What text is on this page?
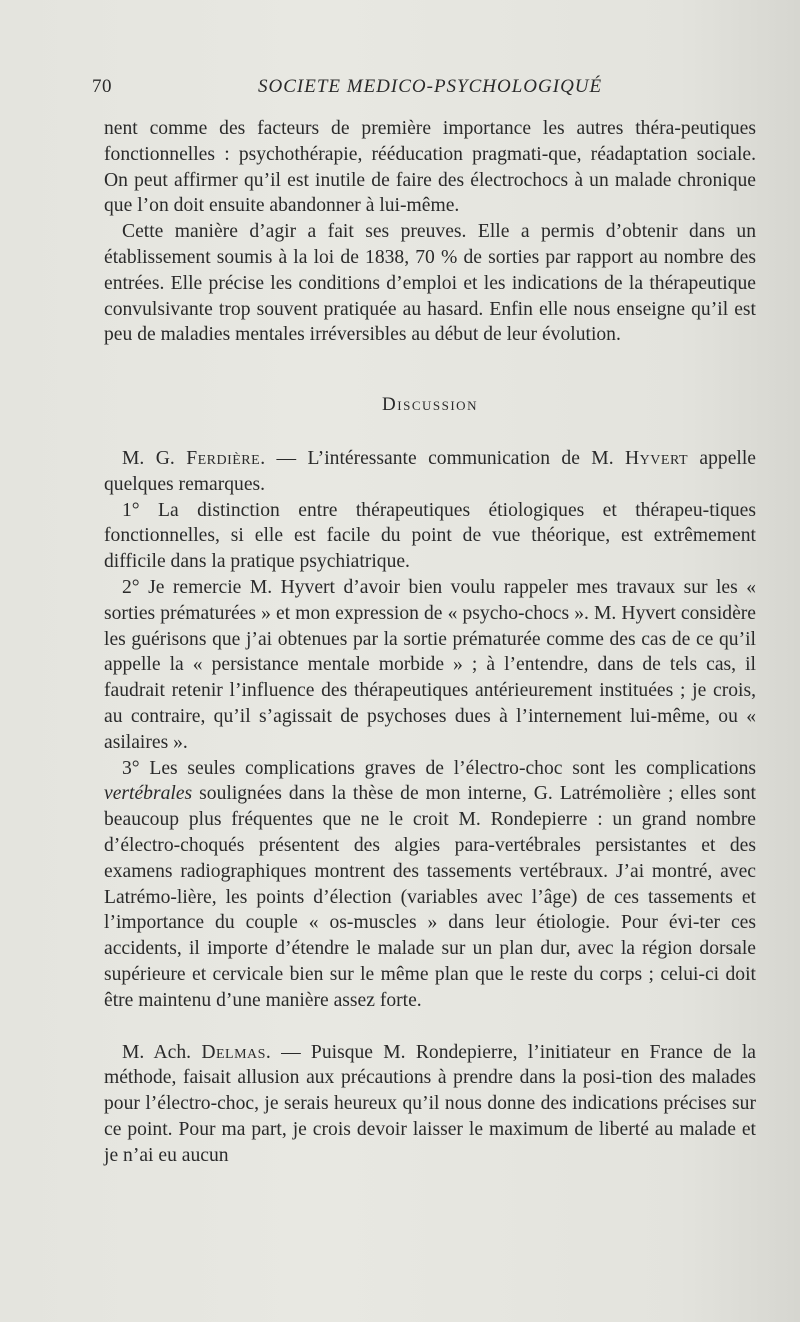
70	SOCIETE MEDICO-PSYCHOLOGIQUÉ

nent comme des facteurs de première importance les autres théra-peutiques fonctionnelles : psychothérapie, rééducation pragmati-que, réadaptation sociale. On peut affirmer qu’il est inutile de faire des électrochocs à un malade chronique que l’on doit ensuite abandonner à lui-même.

Cette manière d’agir a fait ses preuves. Elle a permis d’obtenir dans un établissement soumis à la loi de 1838, 70 % de sorties par rapport au nombre des entrées. Elle précise les conditions d’emploi et les indications de la thérapeutique convulsivante trop souvent pratiquée au hasard. Enfin elle nous enseigne qu’il est peu de maladies mentales irréversibles au début de leur évolution.

Discussion

M. G. Ferdière. — L’intéressante communication de M. Hyvert appelle quelques remarques.

1° La distinction entre thérapeutiques étiologiques et thérapeu-tiques fonctionnelles, si elle est facile du point de vue théorique, est extrêmement difficile dans la pratique psychiatrique.

2° Je remercie M. Hyvert d’avoir bien voulu rappeler mes travaux sur les « sorties prématurées » et mon expression de « psycho-chocs ». M. Hyvert considère les guérisons que j’ai obtenues par la sortie prématurée comme des cas de ce qu’il appelle la « persistance mentale morbide » ; à l’entendre, dans de tels cas, il faudrait retenir l’influence des thérapeutiques antérieurement instituées ; je crois, au contraire, qu’il s’agissait de psychoses dues à l’internement lui-même, ou « asilaires ».

3° Les seules complications graves de l’électro-choc sont les complications vertébrales soulignées dans la thèse de mon interne, G. Latrémolière ; elles sont beaucoup plus fréquentes que ne le croit M. Rondepierre : un grand nombre d’électro-choqués présentent des algies para-vertébrales persistantes et des examens radiographiques montrent des tassements vertébraux. J’ai montré, avec Latrémo-lière, les points d’élection (variables avec l’âge) de ces tassements et l’importance du couple « os-muscles » dans leur étiologie. Pour évi-ter ces accidents, il importe d’étendre le malade sur un plan dur, avec la région dorsale supérieure et cervicale bien sur le même plan que le reste du corps ; celui-ci doit être maintenu d’une manière assez forte.

M. Ach. Delmas. — Puisque M. Rondepierre, l’initiateur en France de la méthode, faisait allusion aux précautions à prendre dans la posi-tion des malades pour l’électro-choc, je serais heureux qu’il nous donne des indications précises sur ce point. Pour ma part, je crois devoir laisser le maximum de liberté au malade et je n’ai eu aucun
